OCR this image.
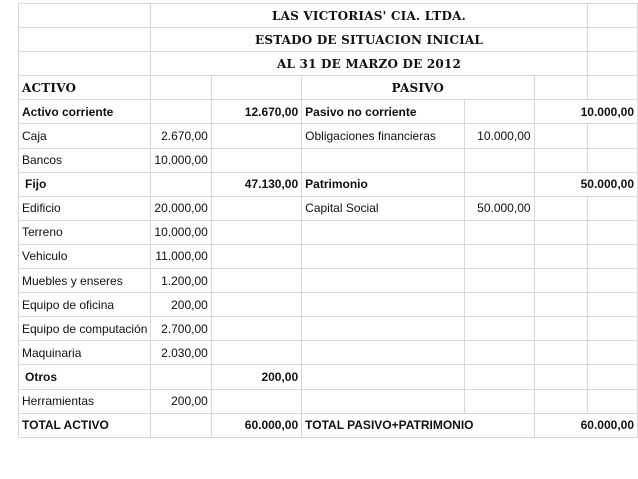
	LAS VICTORIAS' CIA. LTDA.					
	ESTADO DE SITUACION INICIAL					
	AL 31 DE MARZO DE 2012					
ACTIVO			PASIVO			
Activo corriente		12.670,00	Pasivo no corriente		10.000,00	
Caja	2.670,00		Obligaciones financieras	10.000,00		
Bancos	10.000,00					
Fijo		47.130,00	Patrimonio		50.000,00	
Edificio	20.000,00		Capital Social	50.000,00		
Terreno	10.000,00					
Vehiculo	11.000,00					
Muebles y enseres	1.200,00					
Equipo de oficina	200,00					
Equipo de computación	2.700,00					
Maquinaria	2.030,00					
Otros		200,00				
Herramientas	200,00					
TOTAL ACTIVO		60.000,00	TOTAL PASIVO+PATRIMONIO		60.000,00	
